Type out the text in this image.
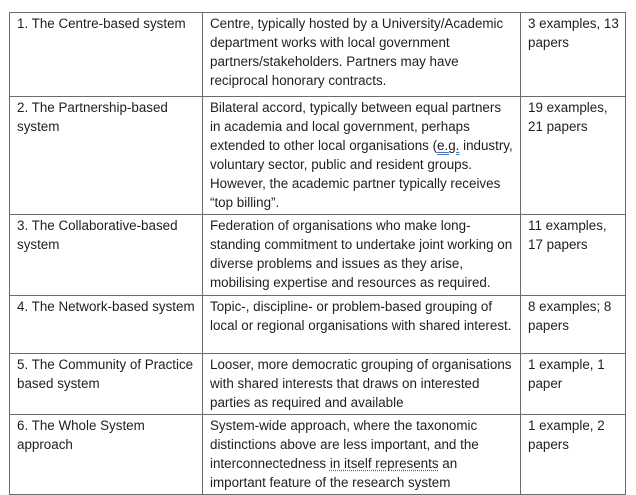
1. The Centre-based system	Centre, typically hosted by a University/Academic department works with local government partners/stakeholders. Partners may have reciprocal honorary contracts.	3 examples, 13 papers
2. The Partnership-based system	Bilateral accord, typically between equal partners in academia and local government, perhaps extended to other local organisations (e.g. industry, voluntary sector, public and resident groups. However, the academic partner typically receives “top billing”.	19 examples, 21 papers
3. The Collaborative-based system	Federation of organisations who make long-standing commitment to undertake joint working on diverse problems and issues as they arise, mobilising expertise and resources as required.	11 examples, 17 papers
4. The Network-based system	Topic-, discipline- or problem-based grouping of local or regional organisations with shared interest.	8 examples; 8 papers
5. The Community of Practice based system	Looser, more democratic grouping of organisations with shared interests that draws on interested parties as required and available	1 example, 1 paper
6. The Whole System approach	System-wide approach, where the taxonomic distinctions above are less important, and the interconnectedness in itself represents an important feature of the research system	1 example, 2 papers
